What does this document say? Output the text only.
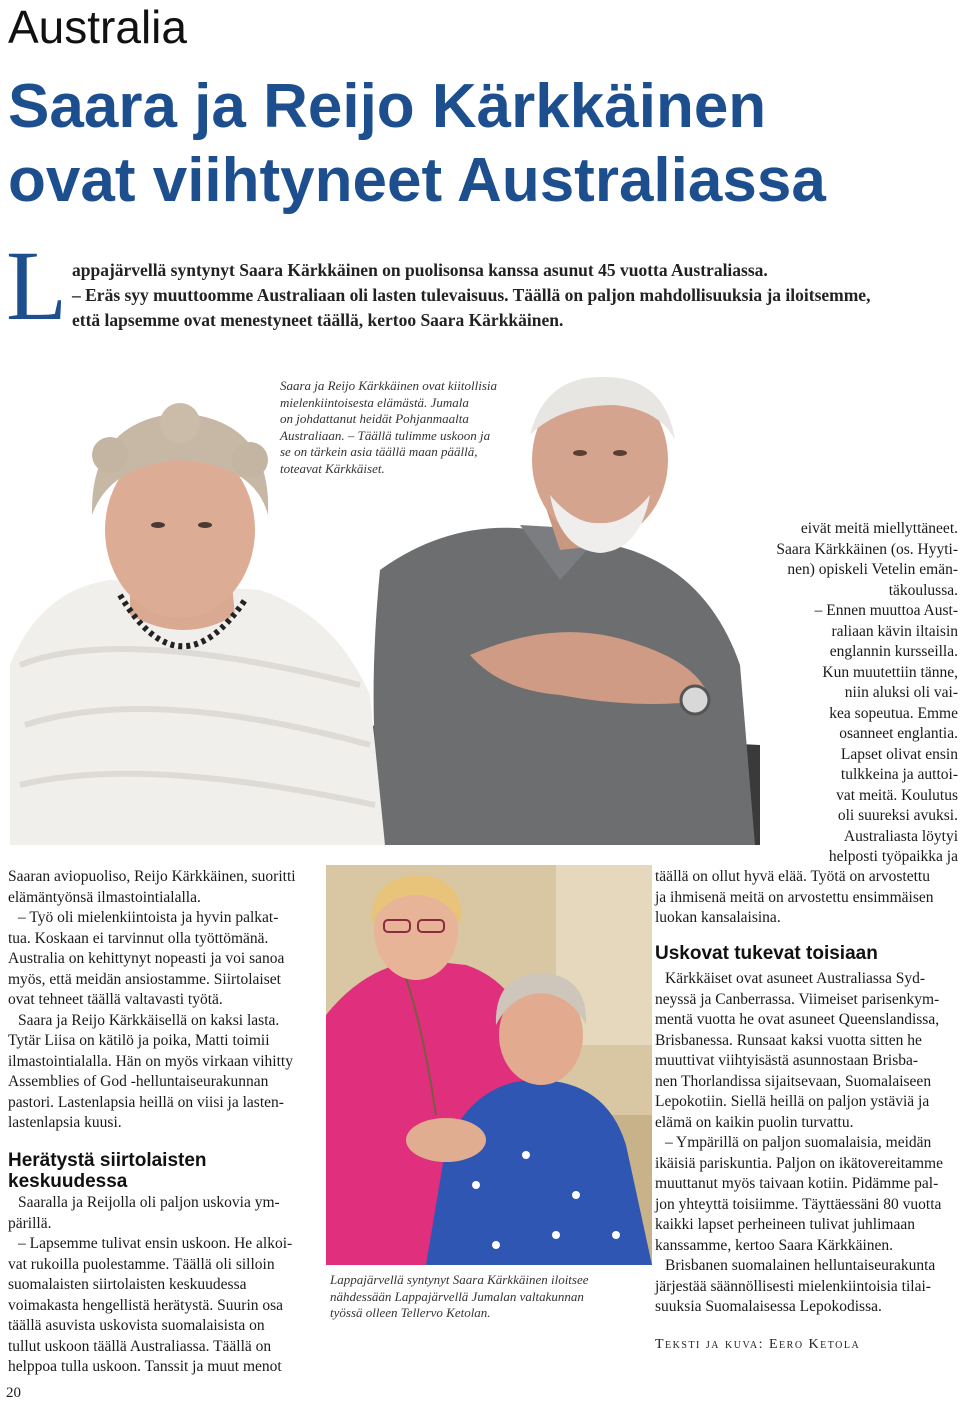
Australia
Saara ja Reijo Kärkkäinen
ovat viihtyneet Australiassa
L appajärvellä syntynyt Saara Kärkkäinen on puolisonsa kanssa asunut 45 vuotta Australiassa.
– Eräs syy muuttoomme Australiaan oli lasten tulevaisuus. Täällä on paljon mahdollisuuksia ja iloitsemme,
että lapsemme ovat menestyneet täällä, kertoo Saara Kärkkäinen.
Saara ja Reijo Kärkkäinen ovat kiitollisia
mielenkiintoisesta elämästä. Jumala
on johdattanut heidät Pohjanmaalta
Australiaan. – Täällä tulimme uskoon ja
se on tärkein asia täällä maan päällä,
toteavat Kärkkäiset.
eivät meitä miellyttäneet.
Saara Kärkkäinen (os. Hyyti-
nen) opiskeli Vetelin emän-
täkoulussa.
– Ennen muuttoa Aust-
raliaan kävin iltaisin
englannin kursseilla.
Kun muutettiin tänne,
niin aluksi oli vai-
kea sopeutua. Emme
osanneet englantia.
Lapset olivat ensin
tulkkeina ja auttoi-
vat meitä. Koulutus
oli suureksi avuksi.
Australiasta löytyi
helposti työpaikka ja
täällä on ollut hyvä elää. Työtä on arvostettu
ja ihmisenä meitä on arvostettu ensimmäisen
luokan kansalaisina.
Uskovat tukevat toisiaan
Kärkkäiset ovat asuneet Australiassa Syd-
neyssä ja Canberrassa. Viimeiset parisenkym-
mentä vuotta he ovat asuneet Queenslandissa,
Brisbanessa. Runsaat kaksi vuotta sitten he
muuttivat viihtyisästä asunnostaan Brisba-
nen Thorlandissa sijaitsevaan, Suomalaiseen
Lepokotiin. Siellä heillä on paljon ystäviä ja
elämä on kaikin puolin turvattu.
– Ympärillä on paljon suomalaisia, meidän
ikäisiä pariskuntia. Paljon on ikätovereitamme
muuttanut myös taivaan kotiin. Pidämme pal-
jon yhteyttä toisiimme. Täyttäessäni 80 vuotta
kaikki lapset perheineen tulivat juhlimaan
kanssamme, kertoo Saara Kärkkäinen.
Brisbanen suomalainen helluntaiseurakunta
järjestää säännöllisesti mielenkiintoisia tilai-
suuksia Suomalaisessa Lepokodissa.
Teksti ja kuva: Eero Ketola
Saaran aviopuoliso, Reijo Kärkkäinen, suoritti
elämäntyönsä ilmastointialalla.
– Työ oli mielenkiintoista ja hyvin palkat-
tua. Koskaan ei tarvinnut olla työttömänä.
Australia on kehittynyt nopeasti ja voi sanoa
myös, että meidän ansiostamme. Siirtolaiset
ovat tehneet täällä valtavasti työtä.
Saara ja Reijo Kärkkäisellä on kaksi lasta.
Tytär Liisa on kätilö ja poika, Matti toimii
ilmastointialalla. Hän on myös virkaan vihitty
Assemblies of God -helluntaiseurakunnan
pastori. Lastenlapsia heillä on viisi ja lasten-
lastenlapsia kuusi.
Herätystä siirtolaisten
keskuudessa
Saaralla ja Reijolla oli paljon uskovia ym-
pärillä.
– Lapsemme tulivat ensin uskoon. He alkoi-
vat rukoilla puolestamme. Täällä oli silloin
suomalaisten siirtolaisten keskuudessa
voimakasta hengellistä herätystä. Suurin osa
täällä asuvista uskovista suomalaisista on
tullut uskoon täällä Australiassa. Täällä on
helppoa tulla uskoon. Tanssit ja muut menot
Lappajärvellä syntynyt Saara Kärkkäinen iloitsee
nähdessään Lappajärvellä Jumalan valtakunnan
työssä olleen Tellervo Ketolan.
20
